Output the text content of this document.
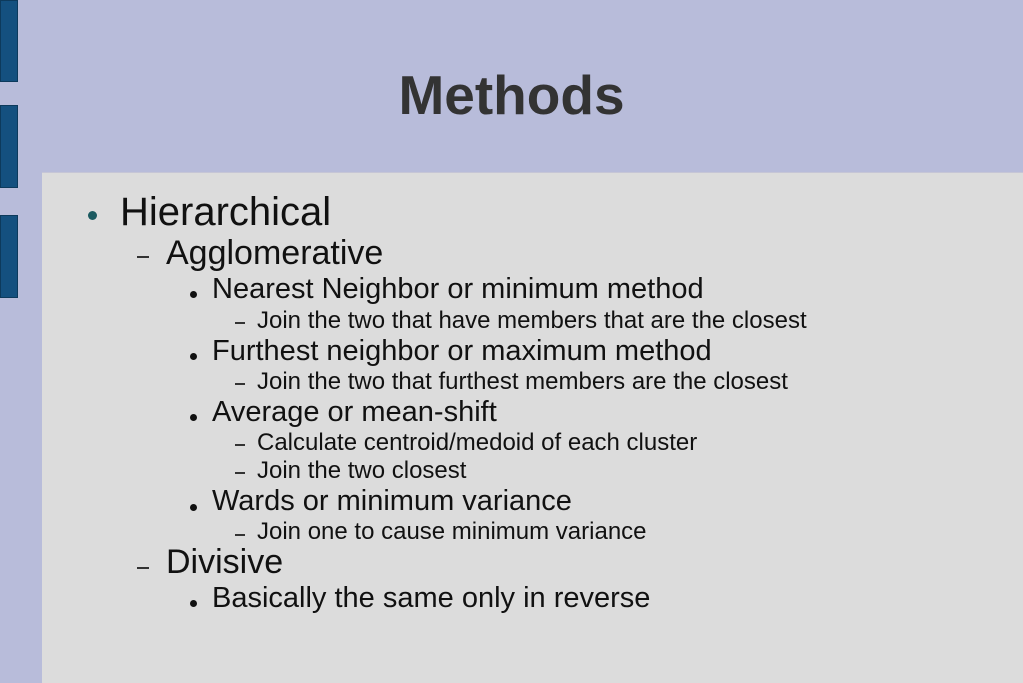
Methods
Hierarchical
Agglomerative
Nearest Neighbor or minimum method
Join the two that have members that are the closest
Furthest neighbor or maximum method
Join the two that furthest members are the closest
Average or mean-shift
Calculate centroid/medoid of each cluster
Join the two closest
Wards or minimum variance
Join one to cause minimum variance
Divisive
Basically the same only in reverse
